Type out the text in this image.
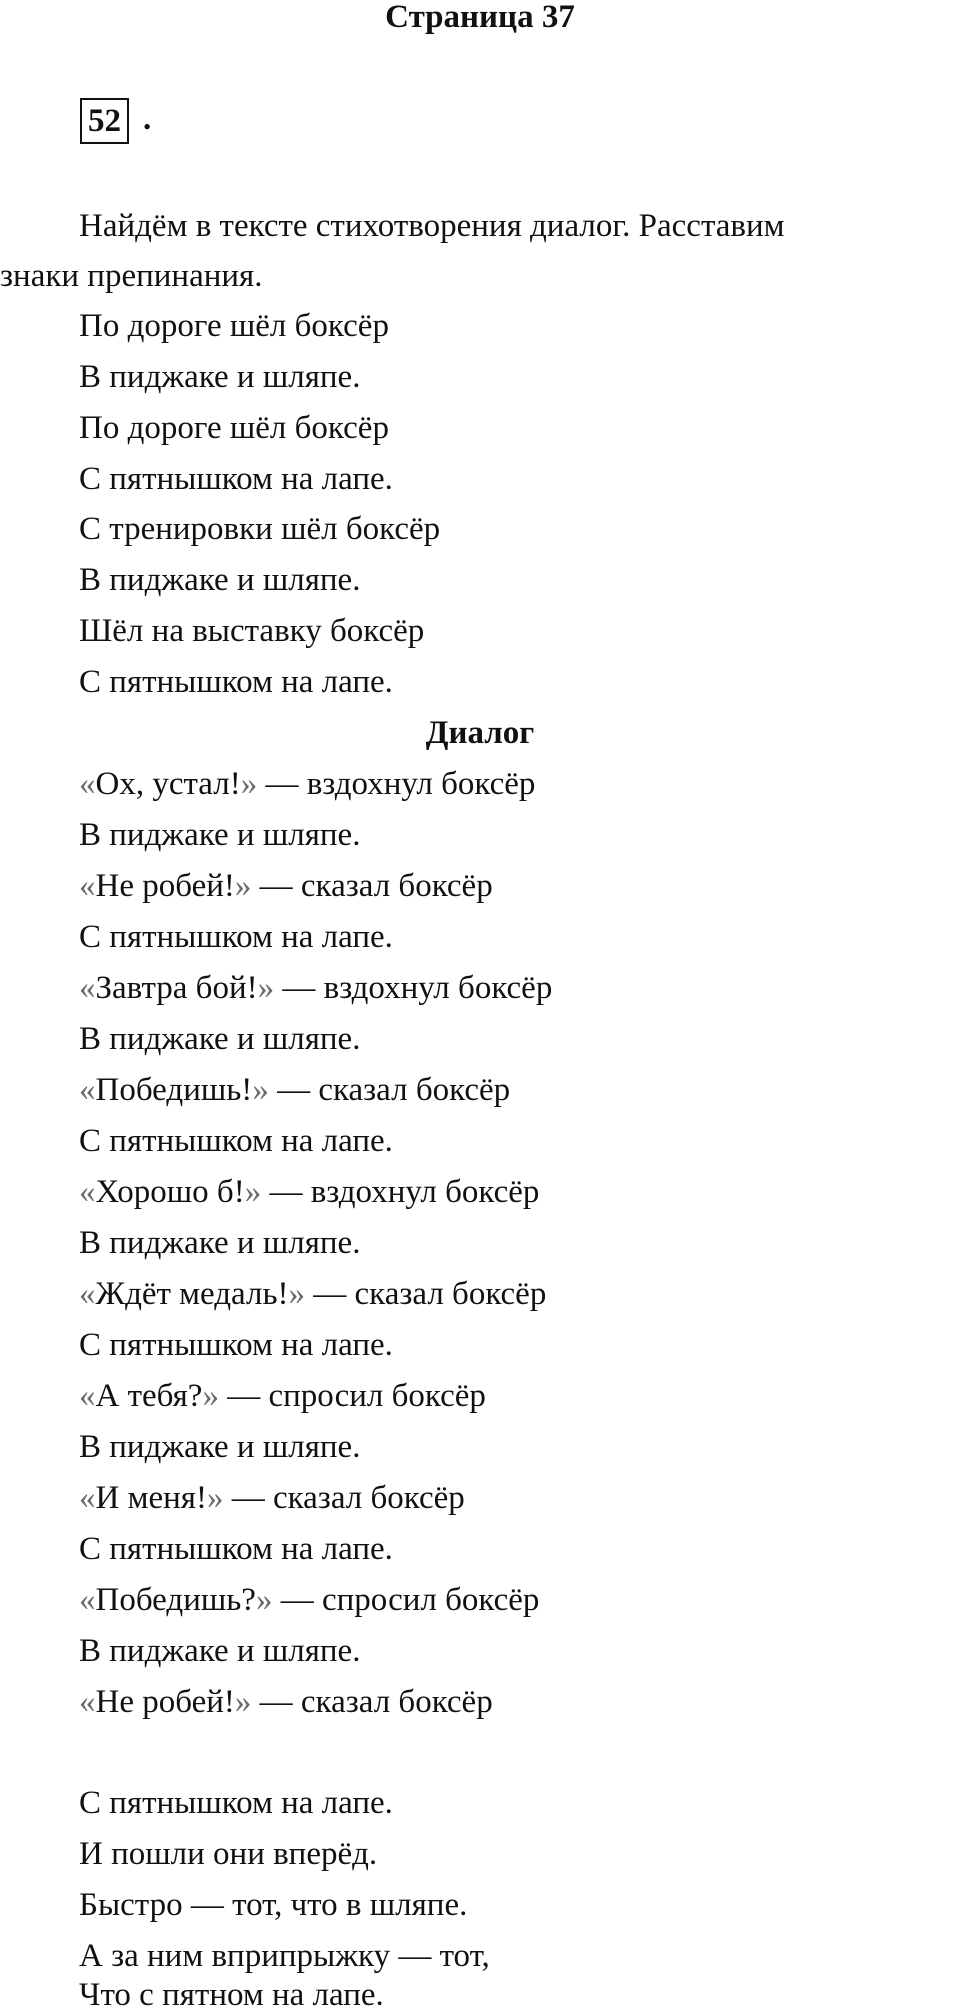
Страница 37
52 .
Найдём в тексте стихотворения диалог. Расставим
знаки препинания.
По дороге шёл боксёр
В пиджаке и шляпе.
По дороге шёл боксёр
С пятнышком на лапе.
С тренировки шёл боксёр
В пиджаке и шляпе.
Шёл на выставку боксёр
С пятнышком на лапе.
Диалог
«Ох, устал!» — вздохнул боксёр
В пиджаке и шляпе.
«Не робей!» — сказал боксёр
С пятнышком на лапе.
«Завтра бой!» — вздохнул боксёр
В пиджаке и шляпе.
«Победишь!» — сказал боксёр
С пятнышком на лапе.
«Хорошо б!» — вздохнул боксёр
В пиджаке и шляпе.
«Ждёт медаль!» — сказал боксёр
С пятнышком на лапе.
«А тебя?» — спросил боксёр
В пиджаке и шляпе.
«И меня!» — сказал боксёр
С пятнышком на лапе.
«Победишь?» — спросил боксёр
В пиджаке и шляпе.
«Не робей!» — сказал боксёр
С пятнышком на лапе.
И пошли они вперёд.
Быстро — тот, что в шляпе.
А за ним вприпрыжку — тот,
Что с пятном на лапе.
